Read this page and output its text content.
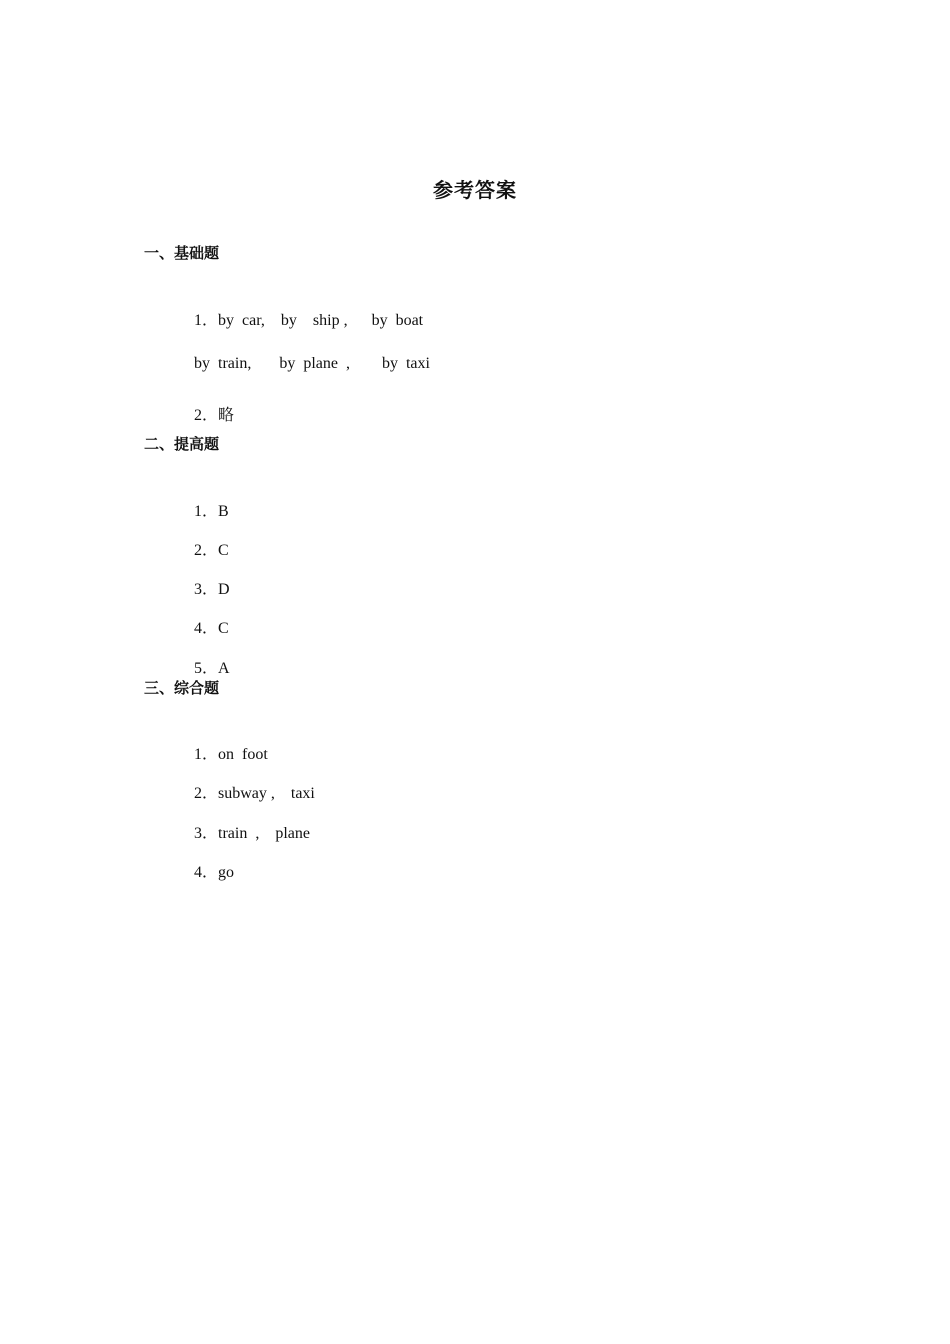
参考答案
一、基础题

1．by  car,    by    ship ,      by  boat

by  train,       by  plane  ,        by  taxi

2．略

二、提高题

1．B

2．C

3．D

4．C

5．A

三、综合题

1．on  foot

2．subway ,    taxi

3．train  ,    plane

4．go
